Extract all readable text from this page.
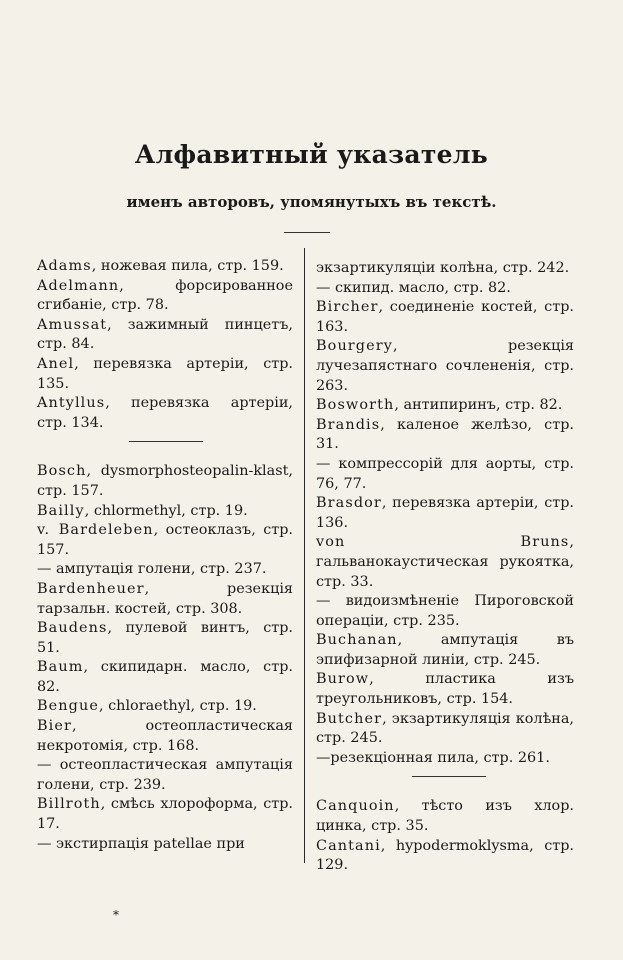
Алфавитный указатель
именъ авторовъ, упомянутыхъ въ текстѣ.

Adams, ножевая пила, стр. 159.

Adelmann, форсированное сгибаніе, стр. 78.

Amussat, зажимный пинцетъ, стр. 84.

Anel, перевязка артеріи, стр. 135.

Antyllus, перевязка артеріи, стр. 134.

Bosch, dysmorphosteopalin-klast, стр. 157.

Bailly, chlormethyl, стр. 19.

v. Bardeleben, остеоклазъ, стр. 157.

— ампутація голени, стр. 237.

Bardenheuer, резекція тарзальн. костей, стр. 308.

Baudens, пулевой винтъ, стр. 51.

Baum, скипидарн. масло, стр. 82.

Bengue, chloraethyl, стр. 19.

Bier, остеопластическая некротомія, стр. 168.

— остеопластическая ампутація голени, стр. 239.

Billroth, смѣсь хлороформа, стр. 17.

— экстирпація patellae при

экзартикуляціи колѣна, стр. 242.

— скипид. масло, стр. 82.

Bircher, соединеніе костей, стр. 163.

Bourgery, резекція лучезапястнаго сочлененія, стр. 263.

Bosworth, антипиринъ, стр. 82.

Brandis, каленое желѣзо, стр. 31.

— компрессорій для аорты, стр. 76, 77.

Brasdor, перевязка артеріи, стр. 136.

von Bruns, гальванокаустическая рукоятка, стр. 33.

— видоизмѣненіе Пироговской операціи, стр. 235.

Buchanan, ампутація въ эпифизарной линіи, стр. 245.

Burow, пластика изъ треугольниковъ, стр. 154.

Butcher, экзартикуляція колѣна, стр. 245.

—резекціонная пила, стр. 261.

Canquoin, тѣсто изъ хлор. цинка, стр. 35.

Cantani, hypodermoklysma, стр. 129.

*
